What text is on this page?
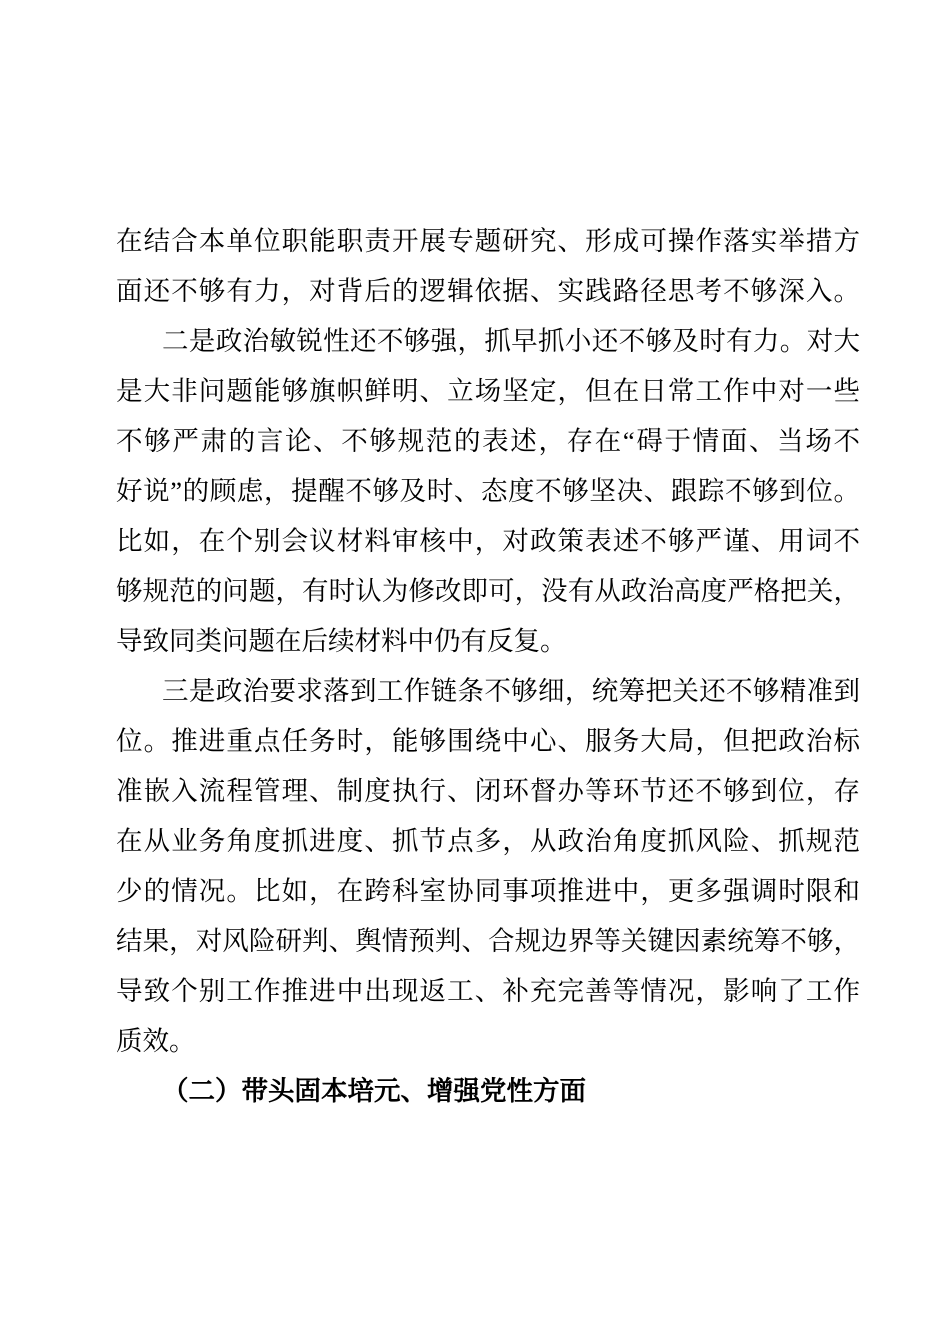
在结合本单位职能职责开展专题研究、形成可操作落实举措方
面还不够有力，对背后的逻辑依据、实践路径思考不够深入。
二是政治敏锐性还不够强，抓早抓小还不够及时有力。对大
是大非问题能够旗帜鲜明、立场坚定，但在日常工作中对一些
不够严肃的言论、不够规范的表述，存在“碍于情面、当场不
好说”的顾虑，提醒不够及时、态度不够坚决、跟踪不够到位。
比如，在个别会议材料审核中，对政策表述不够严谨、用词不
够规范的问题，有时认为修改即可，没有从政治高度严格把关，
导致同类问题在后续材料中仍有反复。
三是政治要求落到工作链条不够细，统筹把关还不够精准到
位。推进重点任务时，能够围绕中心、服务大局，但把政治标
准嵌入流程管理、制度执行、闭环督办等环节还不够到位，存
在从业务角度抓进度、抓节点多，从政治角度抓风险、抓规范
少的情况。比如，在跨科室协同事项推进中，更多强调时限和
结果，对风险研判、舆情预判、合规边界等关键因素统筹不够，
导致个别工作推进中出现返工、补充完善等情况，影响了工作
质效。
（二）带头固本培元、增强党性方面
